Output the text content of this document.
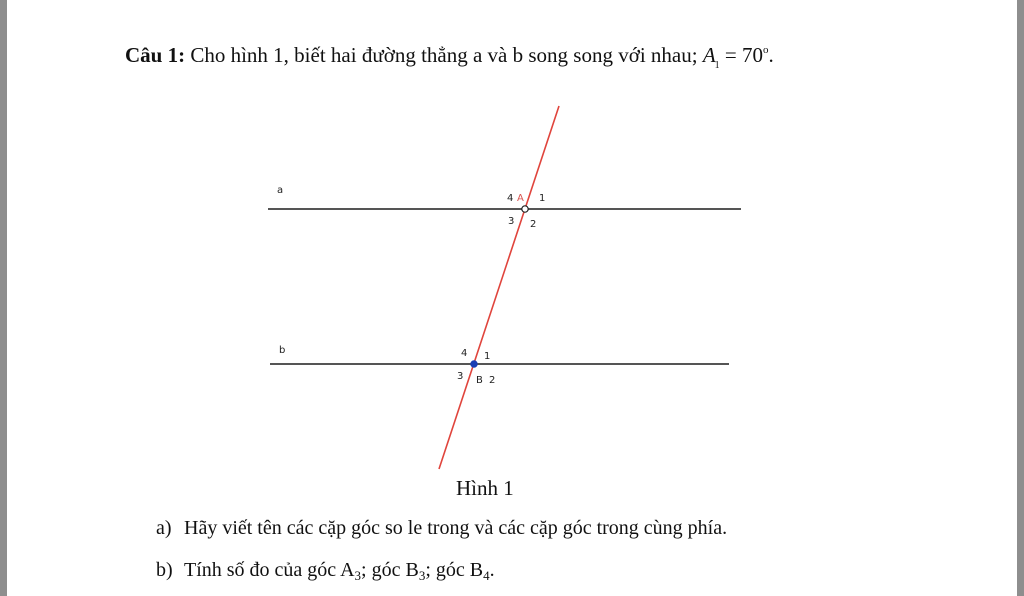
Câu 1: Cho hình 1, biết hai đường thẳng a và b song song với nhau; $A_1 = 70^o$.
a
b
4 A 1
3 2
4 1
3 B 2
Hình 1
a) Hãy viết tên các cặp góc so le trong và các cặp góc trong cùng phía.
b) Tính số đo của góc $A_3$; góc $B_3$; góc $B_4$.
